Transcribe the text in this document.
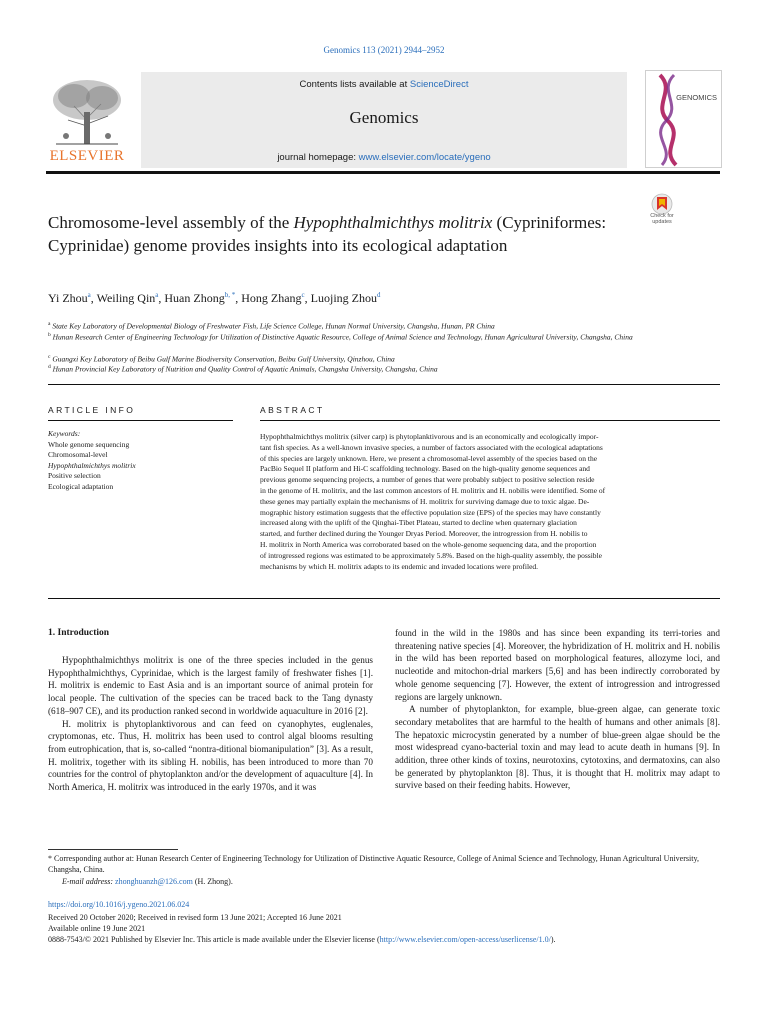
Genomics 113 (2021) 2944–2952
ELSEVIER
Contents lists available at ScienceDirect
Genomics
journal homepage: www.elsevier.com/locate/ygeno
GENOMICS
Chromosome-level assembly of the Hypophthalmichthys molitrix (Cypriniformes: Cyprinidae) genome provides insights into its ecological adaptation
Check for
updates
Yi Zhou$^a$, Weiling Qin$^a$, Huan Zhong$^{b, *}$, Hong Zhang$^c$, Luojing Zhou$^d$
$^a$ State Key Laboratory of Developmental Biology of Freshwater Fish, Life Science College, Hunan Normal University, Changsha, Hunan, PR China
$^b$ Hunan Research Center of Engineering Technology for Utilization of Distinctive Aquatic Resource, College of Animal Science and Technology, Hunan Agricultural University, Changsha, China
$^c$ Guangxi Key Laboratory of Beibu Gulf Marine Biodiversity Conservation, Beibu Gulf University, Qinzhou, China
$^d$ Hunan Provincial Key Laboratory of Nutrition and Quality Control of Aquatic Animals, Changsha University, Changsha, China
ARTICLE INFO
Keywords:
Whole genome sequencing
Chromosomal-level
Hypophthalmichthys molitrix
Positive selection
Ecological adaptation
ABSTRACT
Hypophthalmichthys molitrix (silver carp) is phytoplanktivorous and is an economically and ecologically impor-
tant fish species. As a well-known invasive species, a number of factors associated with the ecological adaptations
of this species are largely unknown. Here, we present a chromosomal-level assembly of the species based on the
PacBio Sequel II platform and Hi-C scaffolding technology. Based on the high-quality genome sequences and
previous genome sequencing projects, a number of genes that were probably subject to positive selection reside
in the genome of H. molitrix, and the last common ancestors of H. molitrix and H. nobilis were identified. Some of
these genes may partially explain the mechanisms of H. molitrix for surviving damage due to toxic algae. De-
mographic history estimation suggests that the effective population size (EPS) of the species may have constantly
increased along with the uplift of the Qinghai-Tibet Plateau, started to decline when quaternary glaciation
started, and further declined during the Younger Dryas Period. Moreover, the introgression from H. nobilis to
H. molitrix in North America was corroborated based on the whole-genome sequencing data, and the proportion
of introgressed regions was estimated to be approximately 5.8%. Based on the high-quality assembly, the possible
mechanisms by which H. molitrix adapts to its endemic and invaded locations were profiled.
1. Introduction

Hypophthalmichthys molitrix is one of the three species included in the genus Hypophthalmichthys, Cyprinidae, which is the largest family of freshwater fishes [1]. H. molitrix is endemic to East Asia and is an important source of animal protein for local people. The cultivation of the species can be traced back to the Tang dynasty (618–907 CE), and its production ranked second in worldwide aquaculture in 2016 [2].

H. molitrix is phytoplanktivorous and can feed on cyanophytes, euglenales, cryptomonas, etc. Thus, H. molitrix has been used to control algal blooms resulting from eutrophication, that is, so-called “nontra-ditional biomanipulation” [3]. As a result, H. molitrix, together with its sibling H. nobilis, has been introduced to more than 70 countries for the control of phytoplankton and/or the development of aquaculture [4]. In North America, H. molitrix was introduced in the early 1970s, and it was

found in the wild in the 1980s and has since been expanding its terri-tories and threatening native species [4]. Moreover, the hybridization of H. molitrix and H. nobilis in the wild has been reported based on morphological features, allozyme loci, and nucleotide and mitochon-drial markers [5,6] and has been indirectly corroborated by whole genome sequencing [7]. However, the extent of introgression and introgressed regions are largely unknown.

A number of phytoplankton, for example, blue-green algae, can generate toxic secondary metabolites that are harmful to the health of humans and other animals [8]. The hepatoxic microcystin generated by a number of blue-green algae should be the most widespread cyano-bacterial toxin and may lead to acute death in humans [9]. In addition, three other kinds of toxins, neurotoxins, cytotoxins, and dermatoxins, can also be generated by phytoplankton [8]. Thus, it is thought that H. molitrix may adapt to survive based on their feeding habits. However,

* Corresponding author at: Hunan Research Center of Engineering Technology for Utilization of Distinctive Aquatic Resource, College of Animal Science and Technology, Hunan Agricultural University, Changsha, China.
E-mail address: zhonghuanzh@126.com (H. Zhong).
https://doi.org/10.1016/j.ygeno.2021.06.024
Received 20 October 2020; Received in revised form 13 June 2021; Accepted 16 June 2021
Available online 19 June 2021
0888-7543/© 2021 Published by Elsevier Inc. This article is made available under the Elsevier license (http://www.elsevier.com/open-access/userlicense/1.0/).
